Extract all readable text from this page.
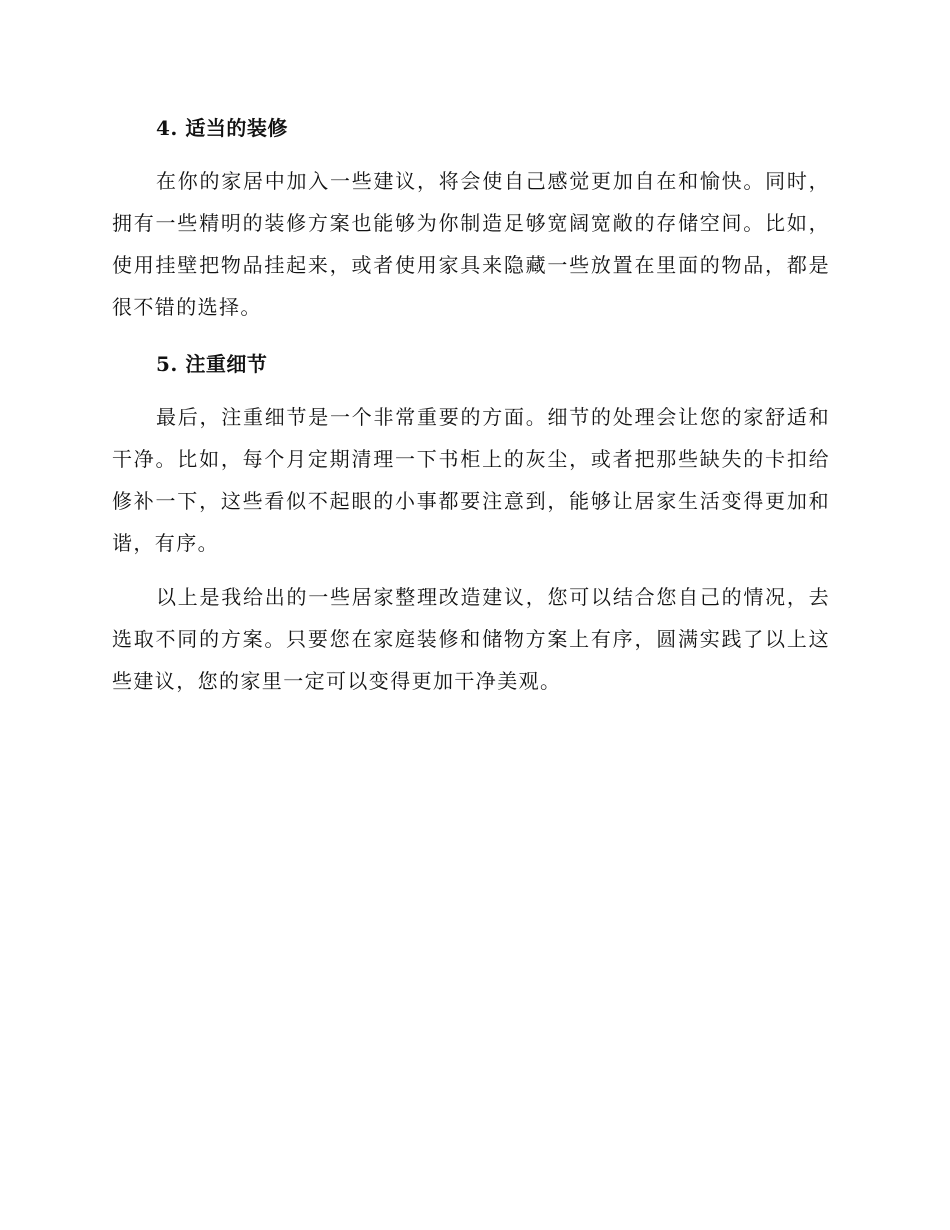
4. 适当的装修

在你的家居中加入一些建议，将会使自己感觉更加自在和愉快。同时，拥有一些精明的装修方案也能够为你制造足够宽阔宽敞的存储空间。比如，使用挂壁把物品挂起来，或者使用家具来隐藏一些放置在里面的物品，都是很不错的选择。

5. 注重细节

最后，注重细节是一个非常重要的方面。细节的处理会让您的家舒适和干净。比如，每个月定期清理一下书柜上的灰尘，或者把那些缺失的卡扣给修补一下，这些看似不起眼的小事都要注意到，能够让居家生活变得更加和谐，有序。

以上是我给出的一些居家整理改造建议，您可以结合您自己的情况，去选取不同的方案。只要您在家庭装修和储物方案上有序，圆满实践了以上这些建议，您的家里一定可以变得更加干净美观。
